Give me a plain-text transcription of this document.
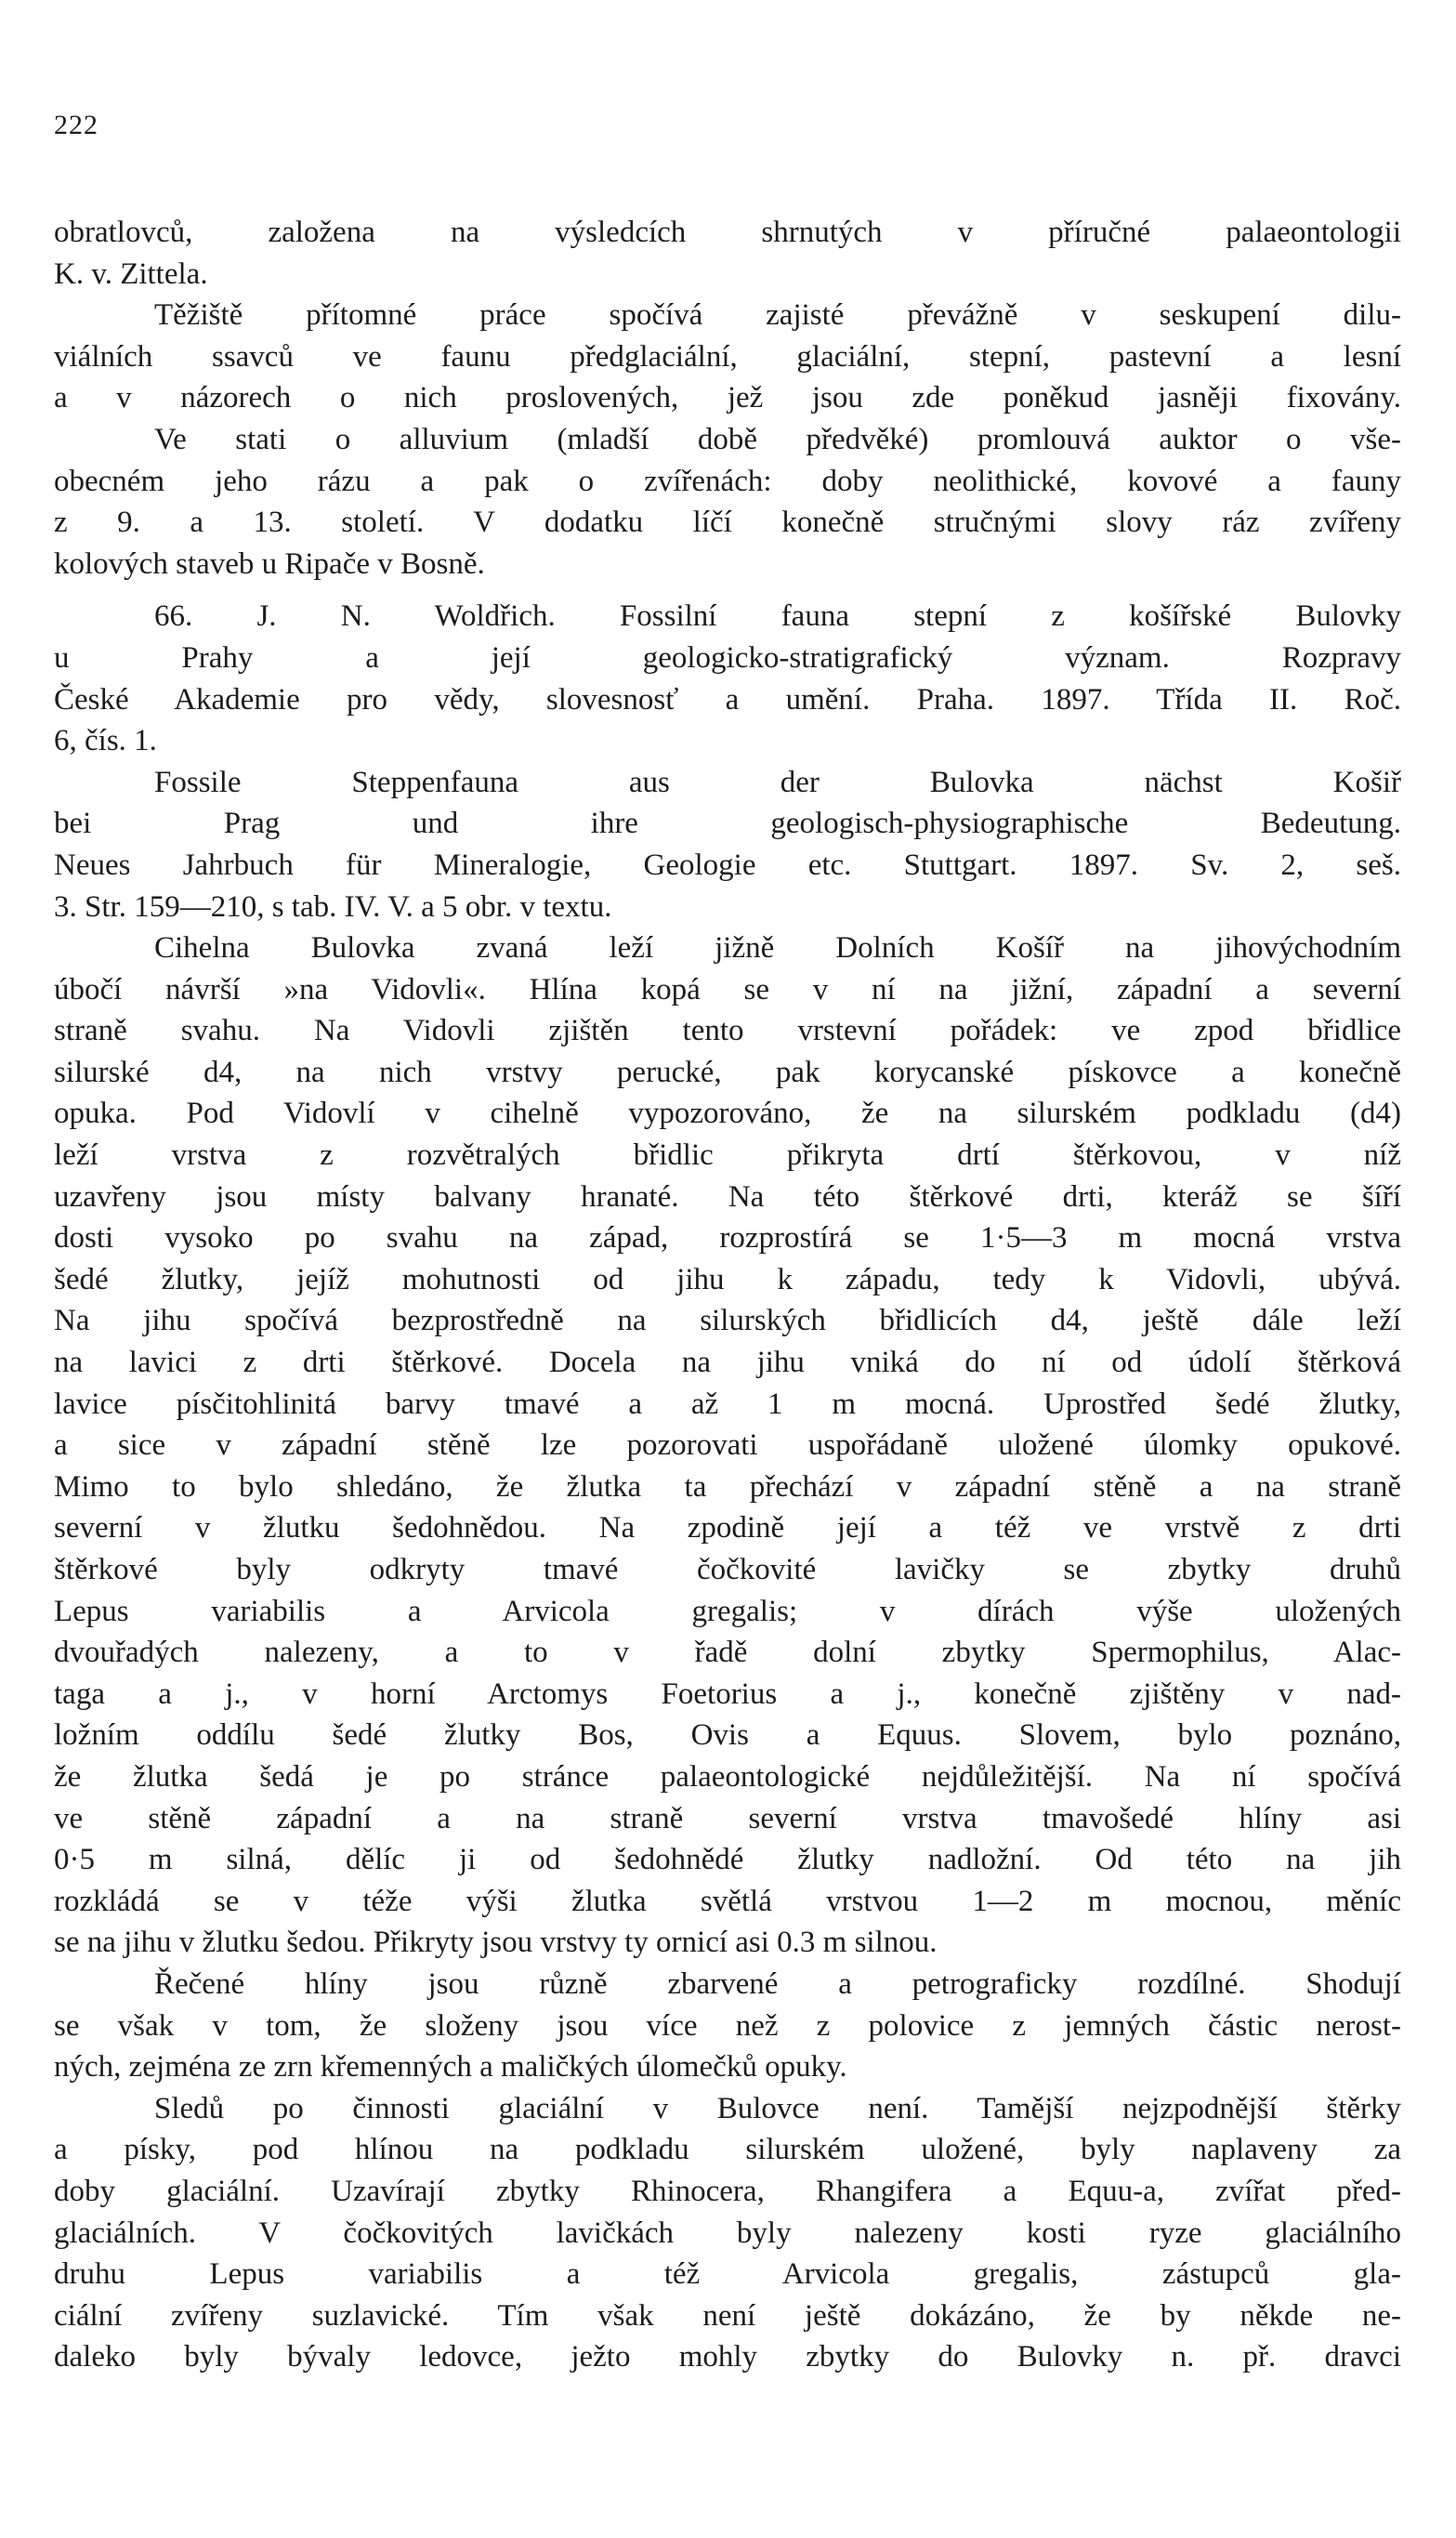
222
obratlovců, založena na výsledcích shrnutých v příručné palaeontologii
K. v. Zittela.
Těžiště přítomné práce spočívá zajisté převážně v seskupení dilu-
viálních ssavců ve faunu předglaciální, glaciální, stepní, pastevní a lesní
a v názorech o nich proslovených, jež jsou zde poněkud jasněji fixovány.
Ve stati o alluvium (mladší době předvěké) promlouvá auktor o vše-
obecném jeho rázu a pak o zvířenách: doby neolithické, kovové a fauny
z 9. a 13. století. V dodatku líčí konečně stručnými slovy ráz zvířeny
kolových staveb u Ripače v Bosně.
66. J. N. Woldřich. Fossilní fauna stepní z košířské Bulovky
u Prahy a její geologicko-stratigrafický význam. Rozpravy
České Akademie pro vědy, slovesnosť a umění. Praha. 1897. Třída II. Roč.
6, čís. 1.
Fossile Steppenfauna aus der Bulovka nächst Košiř
bei Prag und ihre geologisch-physiographische Bedeutung.
Neues Jahrbuch für Mineralogie, Geologie etc. Stuttgart. 1897. Sv. 2, seš.
3. Str. 159—210, s tab. IV. V. a 5 obr. v textu.
Cihelna Bulovka zvaná leží jižně Dolních Košíř na jihovýchodním
úbočí návrší »na Vidovli«. Hlína kopá se v ní na jižní, západní a severní
straně svahu. Na Vidovli zjištěn tento vrstevní pořádek: ve zpod břidlice
silurské d4, na nich vrstvy perucké, pak korycanské pískovce a konečně
opuka. Pod Vidovlí v cihelně vypozorováno, že na silurském podkladu (d4)
leží vrstva z rozvětralých břidlic přikryta drtí štěrkovou, v níž
uzavřeny jsou místy balvany hranaté. Na této štěrkové drti, kteráž se šíří
dosti vysoko po svahu na západ, rozprostírá se 1·5—3 m mocná vrstva
šedé žlutky, jejíž mohutnosti od jihu k západu, tedy k Vidovli, ubývá.
Na jihu spočívá bezprostředně na silurských břidlicích d4, ještě dále leží
na lavici z drti štěrkové. Docela na jihu vniká do ní od údolí štěrková
lavice písčitohlinitá barvy tmavé a až 1 m mocná. Uprostřed šedé žlutky,
a sice v západní stěně lze pozorovati uspořádaně uložené úlomky opukové.
Mimo to bylo shledáno, že žlutka ta přechází v západní stěně a na straně
severní v žlutku šedohnědou. Na zpodině její a též ve vrstvě z drti
štěrkové byly odkryty tmavé čočkovité lavičky se zbytky druhů
Lepus variabilis a Arvicola gregalis; v dírách výše uložených
dvouřadých nalezeny, a to v řadě dolní zbytky Spermophilus, Alac-
taga a j., v horní Arctomys Foetorius a j., konečně zjištěny v nad-
ložním oddílu šedé žlutky Bos, Ovis a Equus. Slovem, bylo poznáno,
že žlutka šedá je po stránce palaeontologické nejdůležitější. Na ní spočívá
ve stěně západní a na straně severní vrstva tmavošedé hlíny asi
0·5 m silná, dělíc ji od šedohnědé žlutky nadložní. Od této na jih
rozkládá se v téže výši žlutka světlá vrstvou 1—2 m mocnou, měníc
se na jihu v žlutku šedou. Přikryty jsou vrstvy ty ornicí asi 0.3 m silnou.
Řečené hlíny jsou různě zbarvené a petrograficky rozdílné. Shodují
se však v tom, že složeny jsou více než z polovice z jemných částic nerost-
ných, zejména ze zrn křemenných a maličkých úlomečků opuky.
Sledů po činnosti glaciální v Bulovce není. Tamější nejzpodnější štěrky
a písky, pod hlínou na podkladu silurském uložené, byly naplaveny za
doby glaciální. Uzavírají zbytky Rhinocera, Rhangifera a Equu-a, zvířat před-
glaciálních. V čočkovitých lavičkách byly nalezeny kosti ryze glaciálního
druhu Lepus variabilis a též Arvicola gregalis, zástupců gla-
ciální zvířeny suzlavické. Tím však není ještě dokázáno, že by někde ne-
daleko byly bývaly ledovce, ježto mohly zbytky do Bulovky n. př. dravci
